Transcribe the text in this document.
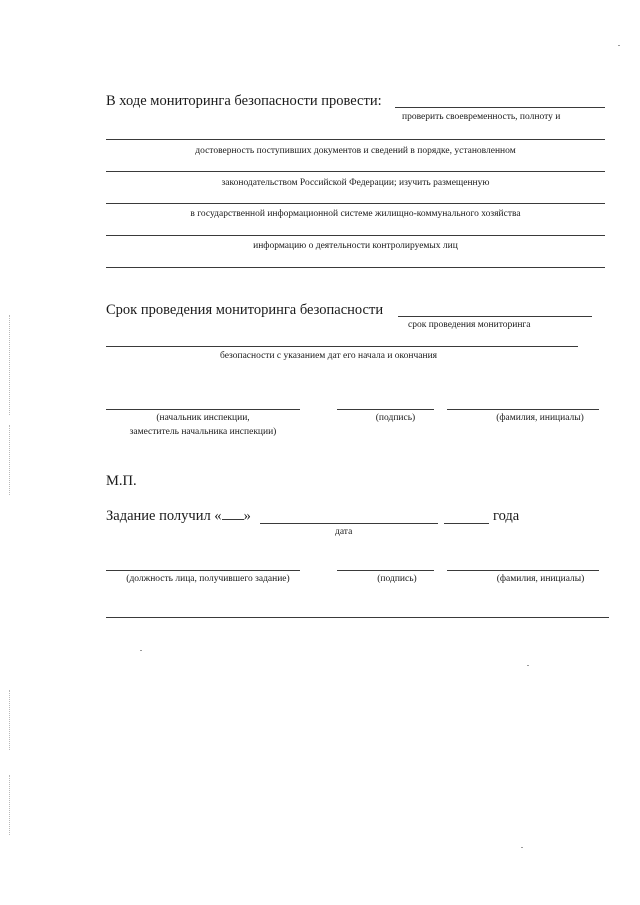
В ходе мониторинга безопасности провести:
проверить своевременность, полноту и
достоверность поступивших документов и сведений в порядке, установленном
законодательством Российской Федерации; изучить размещенную
в государственной информационной системе жилищно-коммунального хозяйства
информацию о деятельности контролируемых лиц
Срок проведения мониторинга безопасности
срок проведения мониторинга
безопасности с указанием дат его начала и окончания
(начальник инспекции,
заместитель начальника инспекции)
(подпись)	(фамилия, инициалы)
М.П.
Задание получил « »	года
дата
(должность лица, получившего задание)	(подпись)	(фамилия, инициалы)
